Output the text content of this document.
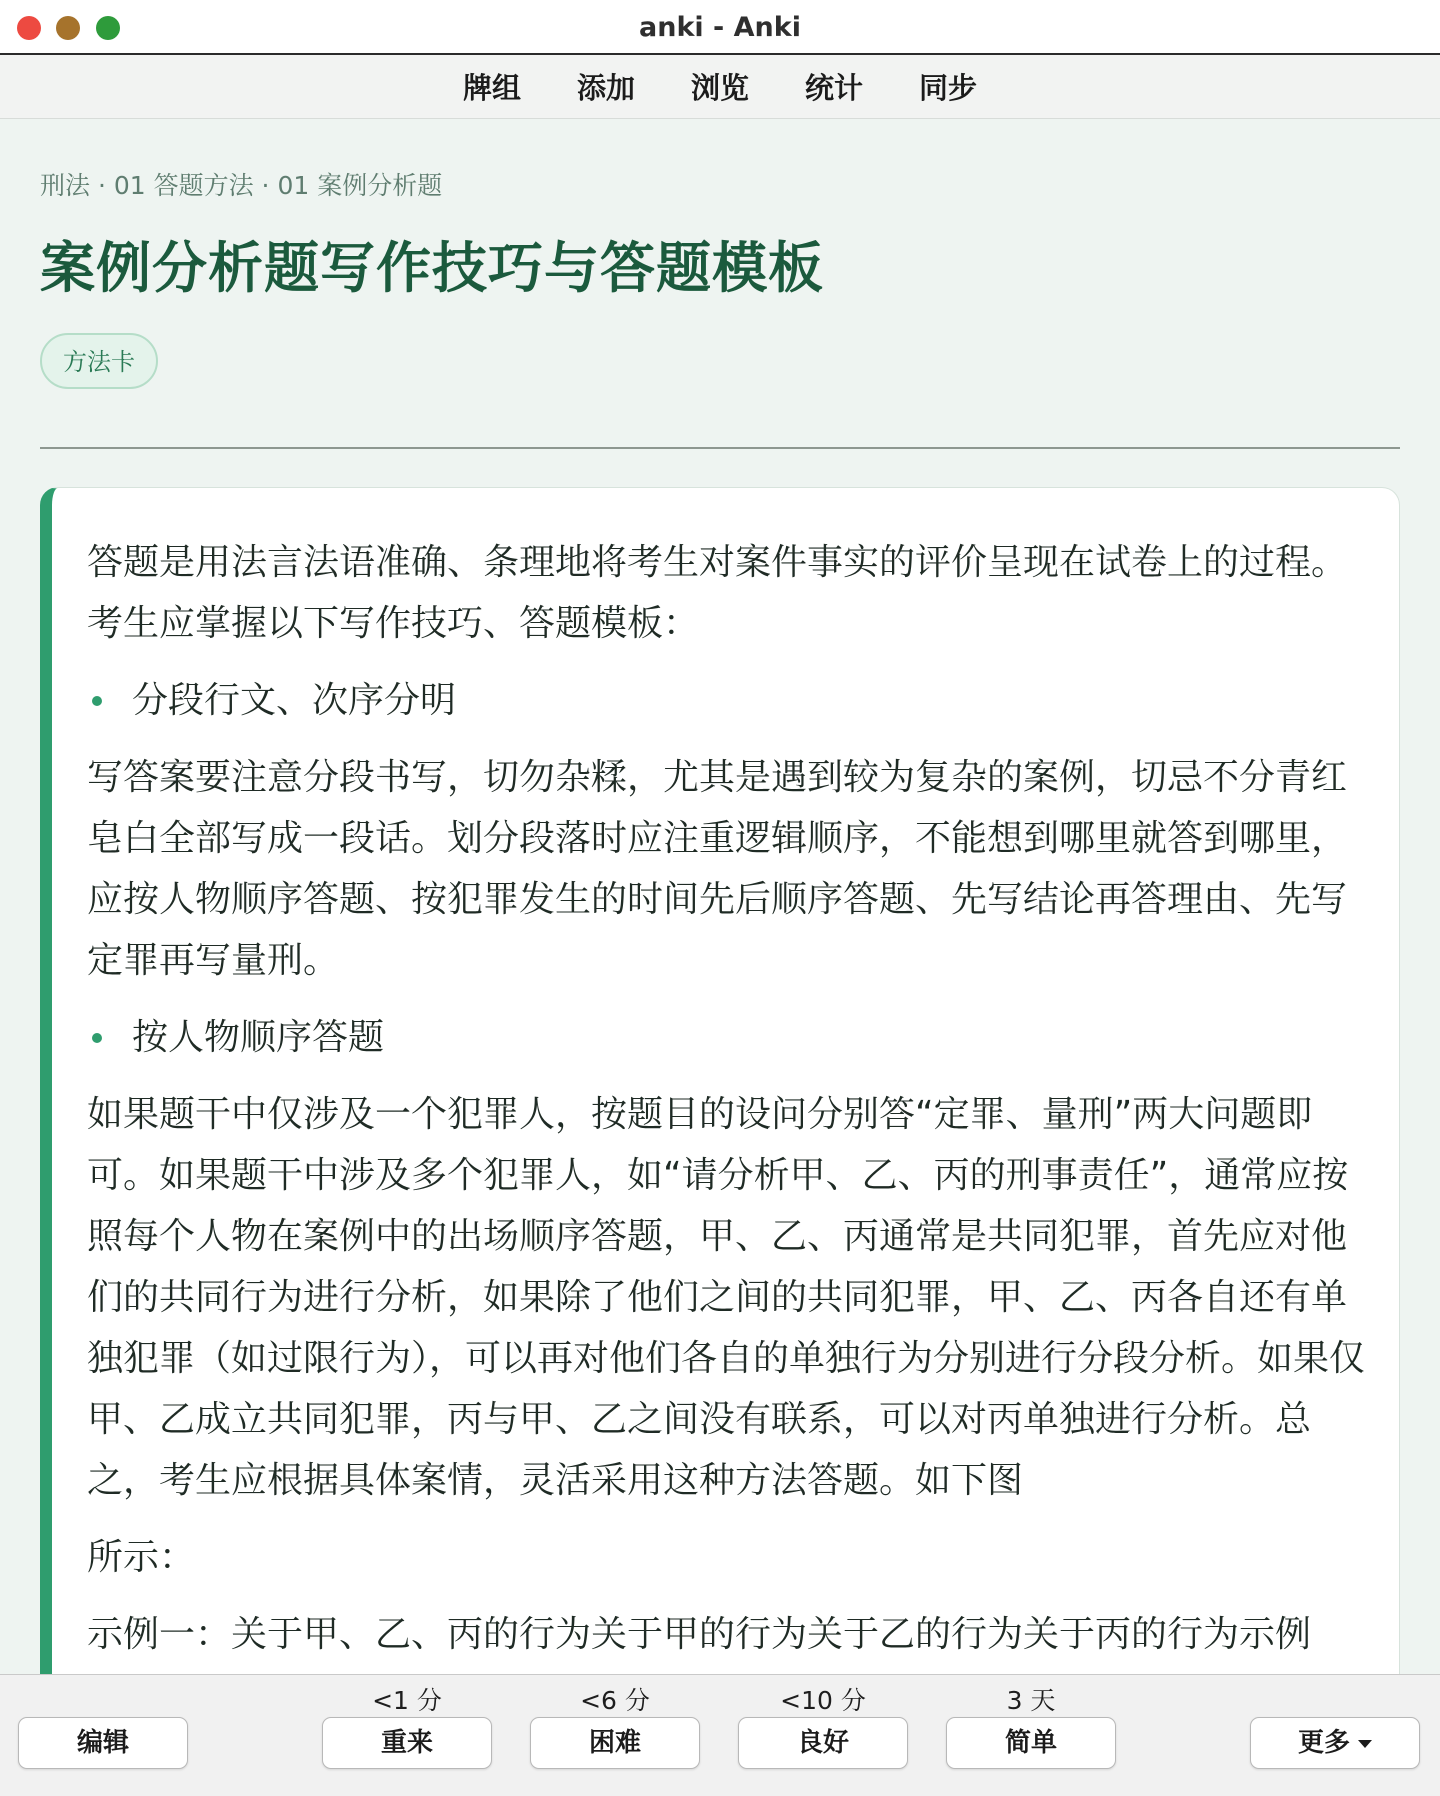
anki - Anki
牌组	添加	浏览	统计	同步
刑法 · 01 答题方法 · 01 案例分析题
案例分析题写作技巧与答题模板
方法卡

答题是用法言法语准确、条理地将考生对案件事实的评价呈现在试卷上的过程。考生应掌握以下写作技巧、答题模板：

分段行文、次序分明

写答案要注意分段书写，切勿杂糅，尤其是遇到较为复杂的案例，切忌不分青红皂白全部写成一段话。划分段落时应注重逻辑顺序，不能想到哪里就答到哪里，应按人物顺序答题、按犯罪发生的时间先后顺序答题、先写结论再答理由、先写定罪再写量刑。

按人物顺序答题

如果题干中仅涉及一个犯罪人，按题目的设问分别答“定罪、量刑”两大问题即可。如果题干中涉及多个犯罪人，如“请分析甲、乙、丙的刑事责任”，通常应按照每个人物在案例中的出场顺序答题，甲、乙、丙通常是共同犯罪，首先应对他们的共同行为进行分析，如果除了他们之间的共同犯罪，甲、乙、丙各自还有单独犯罪（如过限行为），可以再对他们各自的单独行为分别进行分段分析。如果仅甲、乙成立共同犯罪，丙与甲、乙之间没有联系，可以对丙单独进行分析。总之，考生应根据具体案情，灵活采用这种方法答题。如下图

所示：

示例一：关于甲、乙、丙的行为关于甲的行为关于乙的行为关于丙的行为示例

编辑
<1 分
重来
<6 分
困难
<10 分
良好
3 天
简单	更多
